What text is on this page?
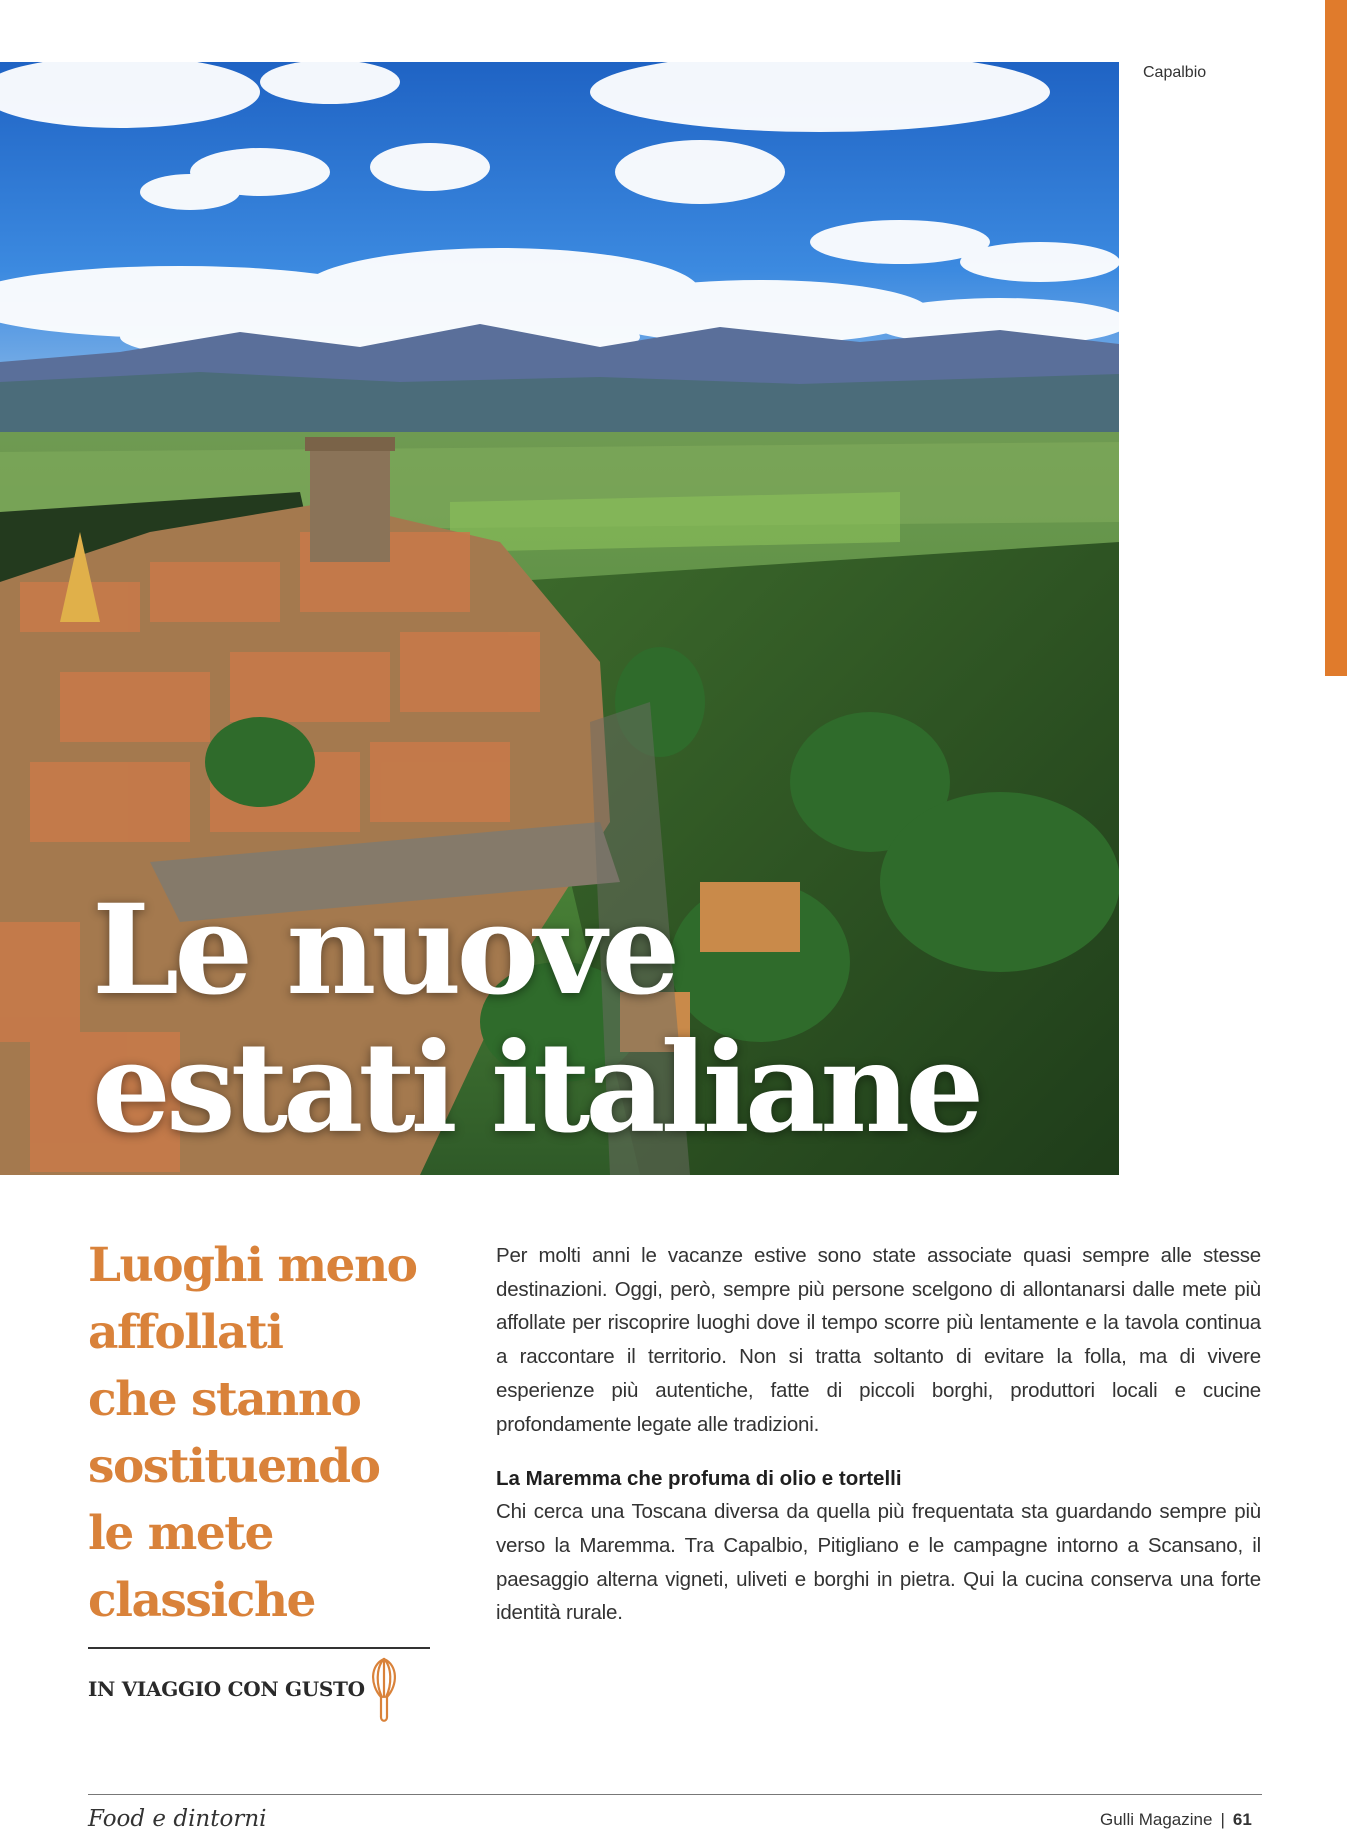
Le nuove
estati italiane
Capalbio
Luoghi meno
affollati
che stanno
sostituendo
le mete
classiche
IN VIAGGIO CON GUSTO

Per molti anni le vacanze estive sono state associate quasi sempre alle stesse destinazioni. Oggi, però, sempre più persone scelgono di allontanarsi dalle mete più affollate per riscoprire luoghi dove il tempo scorre più lentamente e la tavola continua a raccontare il territorio. Non si tratta soltanto di evitare la folla, ma di vivere esperienze più autentiche, fatte di piccoli borghi, produttori locali e cucine profondamente legate alle tradizioni.

La Maremma che profuma di olio e tortelli

Chi cerca una Toscana diversa da quella più frequentata sta guardando sempre più verso la Maremma. Tra Capalbio, Pitigliano e le campagne intorno a Scansano, il paesaggio alterna vigneti, uliveti e borghi in pietra. Qui la cucina conserva una forte identità rurale.

Food e dintorni	Gulli Magazine | 61
